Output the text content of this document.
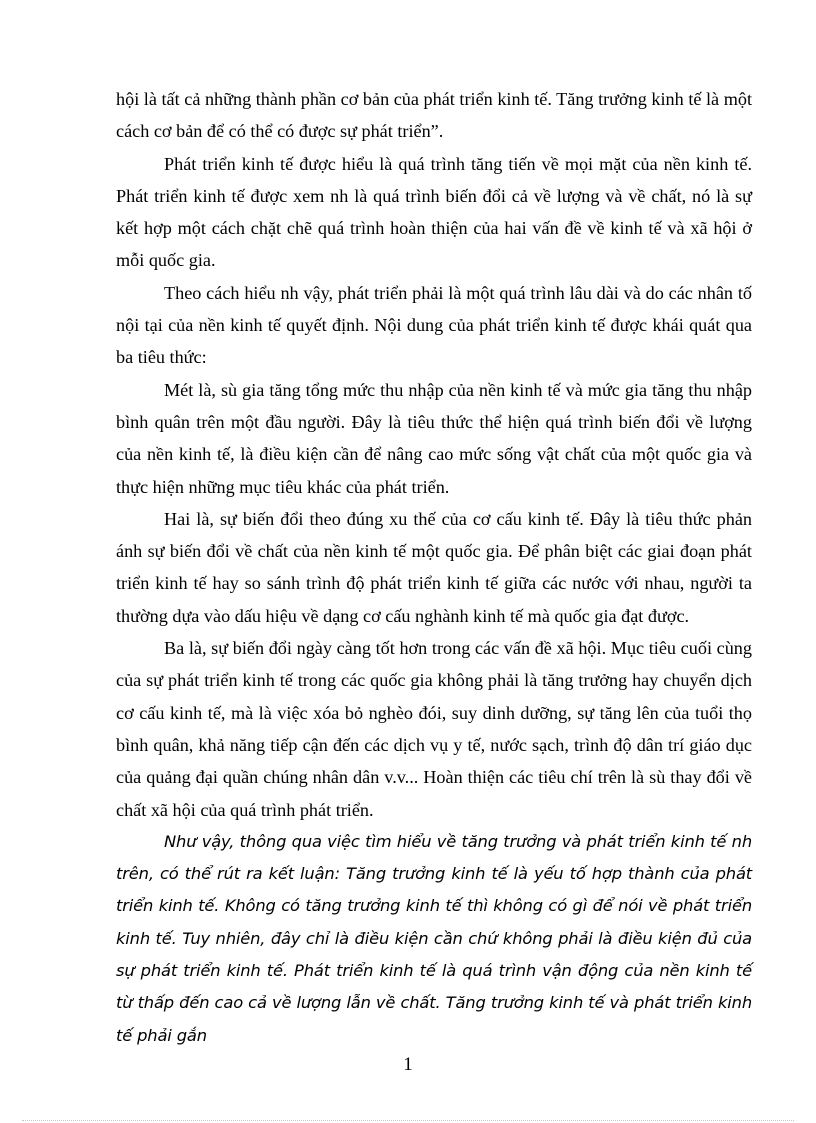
hội là tất cả những thành phần cơ bản của phát triển kinh tế. Tăng trưởng kinh tế là một cách cơ bản để có thể có được sự phát triển”.

Phát triển kinh tế được hiểu là quá trình tăng tiến về mọi mặt của nền kinh tế. Phát triển kinh tế được xem nh là quá trình biến đổi cả về lượng và về chất, nó là sự kết hợp một cách chặt chẽ quá trình hoàn thiện của hai vấn đề về kinh tế và xã hội ở mỗi quốc gia.

Theo cách hiểu nh vậy, phát triển phải là một quá trình lâu dài và do các nhân tố nội tại của nền kinh tế quyết định. Nội dung của phát triển kinh tế được khái quát qua ba tiêu thức:

Mét là, sù gia tăng tổng mức thu nhập của nền kinh tế và mức gia tăng thu nhập bình quân trên một đầu người. Đây là tiêu thức thể hiện quá trình biến đổi về lượng của nền kinh tế, là điều kiện cần để nâng cao mức sống vật chất của một quốc gia và thực hiện những mục tiêu khác của phát triển.

Hai là, sự biến đổi theo đúng xu thế của cơ cấu kinh tế. Đây là tiêu thức phản ánh sự biến đổi về chất của nền kinh tế một quốc gia. Để phân biệt các giai đoạn phát triển kinh tế hay so sánh trình độ phát triển kinh tế giữa các nước với nhau, người ta thường dựa vào dấu hiệu về dạng cơ cấu nghành kinh tế mà quốc gia đạt được.

Ba là, sự biến đổi ngày càng tốt hơn trong các vấn đề xã hội. Mục tiêu cuối cùng của sự phát triển kinh tế trong các quốc gia không phải là tăng trưởng hay chuyển dịch cơ cấu kinh tế, mà là việc xóa bỏ nghèo đói, suy dinh dưỡng, sự tăng lên của tuổi thọ bình quân, khả năng tiếp cận đến các dịch vụ y tế, nước sạch, trình độ dân trí giáo dục của quảng đại quần chúng nhân dân v.v... Hoàn thiện các tiêu chí trên là sù thay đổi về chất xã hội của quá trình phát triển.

Như vậy, thông qua việc tìm hiểu về tăng trưởng và phát triển kinh tế nh trên, có thể rút ra kết luận: Tăng trưởng kinh tế là yếu tố hợp thành của phát triển kinh tế. Không có tăng trưởng kinh tế thì không có gì để nói về phát triển kinh tế. Tuy nhiên, đây chỉ là điều kiện cần chứ không phải là điều kiện đủ của sự phát triển kinh tế. Phát triển kinh tế là quá trình vận động của nền kinh tế từ thấp đến cao cả về lượng lẫn về chất. Tăng trưởng kinh tế và phát triển kinh tế phải gắn

1
